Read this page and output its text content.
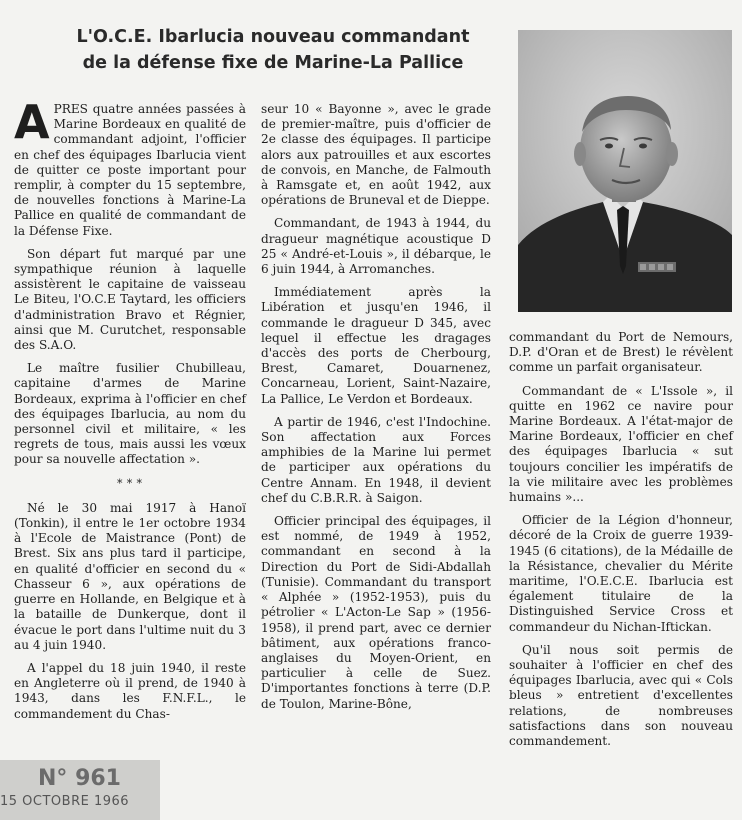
L'O.C.E. Ibarlucia nouveau commandant
de la défense fixe de Marine-La Pallice

APRES quatre années passées à Marine Bordeaux en qualité de commandant adjoint, l'officier en chef des équipages Ibarlucia vient de quitter ce poste important pour remplir, à compter du 15 septembre, de nouvelles fonctions à Marine-La Pallice en qualité de commandant de la Défense Fixe.

Son départ fut marqué par une sympathique réunion à laquelle assistèrent le capitaine de vaisseau Le Biteu, l'O.C.E Taytard, les officiers d'administration Bravo et Régnier, ainsi que M. Curutchet, responsable des S.A.O.

Le maître fusilier Chubilleau, capitaine d'armes de Marine Bordeaux, exprima à l'officier en chef des équipages Ibarlucia, au nom du personnel civil et militaire, « les regrets de tous, mais aussi les vœux pour sa nouvelle affectation ».

* * *

Né le 30 mai 1917 à Hanoï (Tonkin), il entre le 1er octobre 1934 à l'Ecole de Maistrance (Pont) de Brest. Six ans plus tard il participe, en qualité d'officier en second du « Chasseur 6 », aux opérations de guerre en Hollande, en Belgique et à la bataille de Dunkerque, dont il évacue le port dans l'ultime nuit du 3 au 4 juin 1940.

A l'appel du 18 juin 1940, il reste en Angleterre où il prend, de 1940 à 1943, dans les F.N.F.L., le commandement du Chas-

seur 10 « Bayonne », avec le grade de premier-maître, puis d'officier de 2e classe des équipages. Il participe alors aux patrouilles et aux escortes de convois, en Manche, de Falmouth à Ramsgate et, en août 1942, aux opérations de Bruneval et de Dieppe.

Commandant, de 1943 à 1944, du dragueur magnétique acoustique D 25 « André-et-Louis », il débarque, le 6 juin 1944, à Arromanches.

Immédiatement après la Libération et jusqu'en 1946, il commande le dragueur D 345, avec lequel il effectue les dragages d'accès des ports de Cherbourg, Brest, Camaret, Douarnenez, Concarneau, Lorient, Saint-Nazaire, La Pallice, Le Verdon et Bordeaux.

A partir de 1946, c'est l'Indochine. Son affectation aux Forces amphibies de la Marine lui permet de participer aux opérations du Centre Annam. En 1948, il devient chef du C.B.R.R. à Saigon.

Officier principal des équipages, il est nommé, de 1949 à 1952, commandant en second à la Direction du Port de Sidi-Abdallah (Tunisie). Commandant du transport « Alphée » (1952-1953), puis du pétrolier « L'Acton-Le Sap » (1956-1958), il prend part, avec ce dernier bâtiment, aux opérations franco-anglaises du Moyen-Orient, en particulier à celle de Suez. D'importantes fonctions à terre (D.P. de Toulon, Marine-Bône,

commandant du Port de Nemours, D.P. d'Oran et de Brest) le révèlent comme un parfait organisateur.

Commandant de « L'Issole », il quitte en 1962 ce navire pour Marine Bordeaux. A l'état-major de Marine Bordeaux, l'officier en chef des équipages Ibarlucia « sut toujours concilier les impératifs de la vie militaire avec les problèmes humains »...

Officier de la Légion d'honneur, décoré de la Croix de guerre 1939-1945 (6 citations), de la Médaille de la Résistance, chevalier du Mérite maritime, l'O.E.C.E. Ibarlucia est également titulaire de la Distinguished Service Cross et commandeur du Nichan-Iftickan.

Qu'il nous soit permis de souhaiter à l'officier en chef des équipages Ibarlucia, avec qui « Cols bleus » entretient d'excellentes relations, de nombreuses satisfactions dans son nouveau commandement.

N° 961
15 OCTOBRE 1966
